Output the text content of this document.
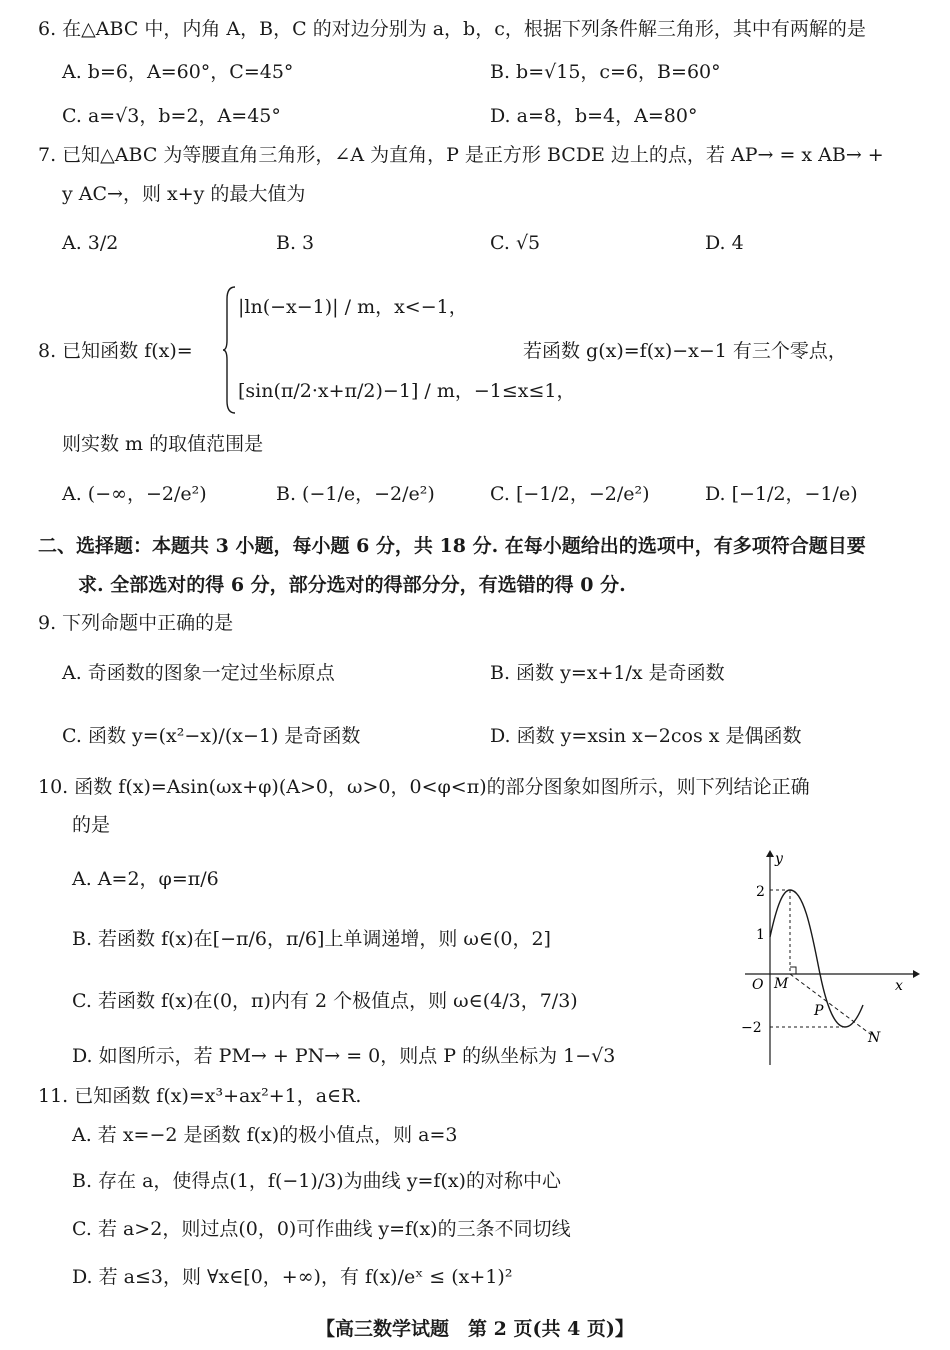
6. 在△ABC 中，内角 A，B，C 的对边分别为 a，b，c，根据下列条件解三角形，其中有两解的是
A. b=6，A=60°，C=45°	B. b=√15，c=6，B=60°
C. a=√3，b=2，A=45°	D. a=8，b=4，A=80°
7. 已知△ABC 为等腰直角三角形，∠A 为直角，P 是正方形 BCDE 边上的点，若 AP→ = x AB→ +
y AC→，则 x+y 的最大值为
A. 3/2	B. 3	C. √5	D. 4
8. 已知函数 f(x)=
|ln(−x−1)| / m，x<−1，
[sin(π/2·x+π/2)−1] / m，−1≤x≤1，
若函数 g(x)=f(x)−x−1 有三个零点，
则实数 m 的取值范围是
A. (−∞，−2/e²)	B. (−1/e，−2/e²)	C. [−1/2，−2/e²)	D. [−1/2，−1/e)
二、选择题：本题共 3 小题，每小题 6 分，共 18 分. 在每小题给出的选项中，有多项符合题目要
求. 全部选对的得 6 分，部分选对的得部分分，有选错的得 0 分.
9. 下列命题中正确的是
A. 奇函数的图象一定过坐标原点	B. 函数 y=x+1/x 是奇函数
C. 函数 y=(x²−x)/(x−1) 是奇函数	D. 函数 y=xsin x−2cos x 是偶函数
10. 函数 f(x)=Asin(ωx+φ)(A>0，ω>0，0<φ<π)的部分图象如图所示，则下列结论正确
的是
A. A=2，φ=π/6
B. 若函数 f(x)在[−π/6，π/6]上单调递增，则 ω∈(0，2]
C. 若函数 f(x)在(0，π)内有 2 个极值点，则 ω∈(4/3，7/3)
D. 如图所示，若 PM→ + PN→ = 0，则点 P 的纵坐标为 1−√3
y
x
O
2
1
−2
M
P
N
11. 已知函数 f(x)=x³+ax²+1，a∈R.
A. 若 x=−2 是函数 f(x)的极小值点，则 a=3
B. 存在 a，使得点(1，f(−1)/3)为曲线 y=f(x)的对称中心
C. 若 a>2，则过点(0，0)可作曲线 y=f(x)的三条不同切线
D. 若 a≤3，则 ∀x∈[0，+∞)，有 f(x)/eˣ ≤ (x+1)²
【高三数学试题　第 2 页(共 4 页)】
